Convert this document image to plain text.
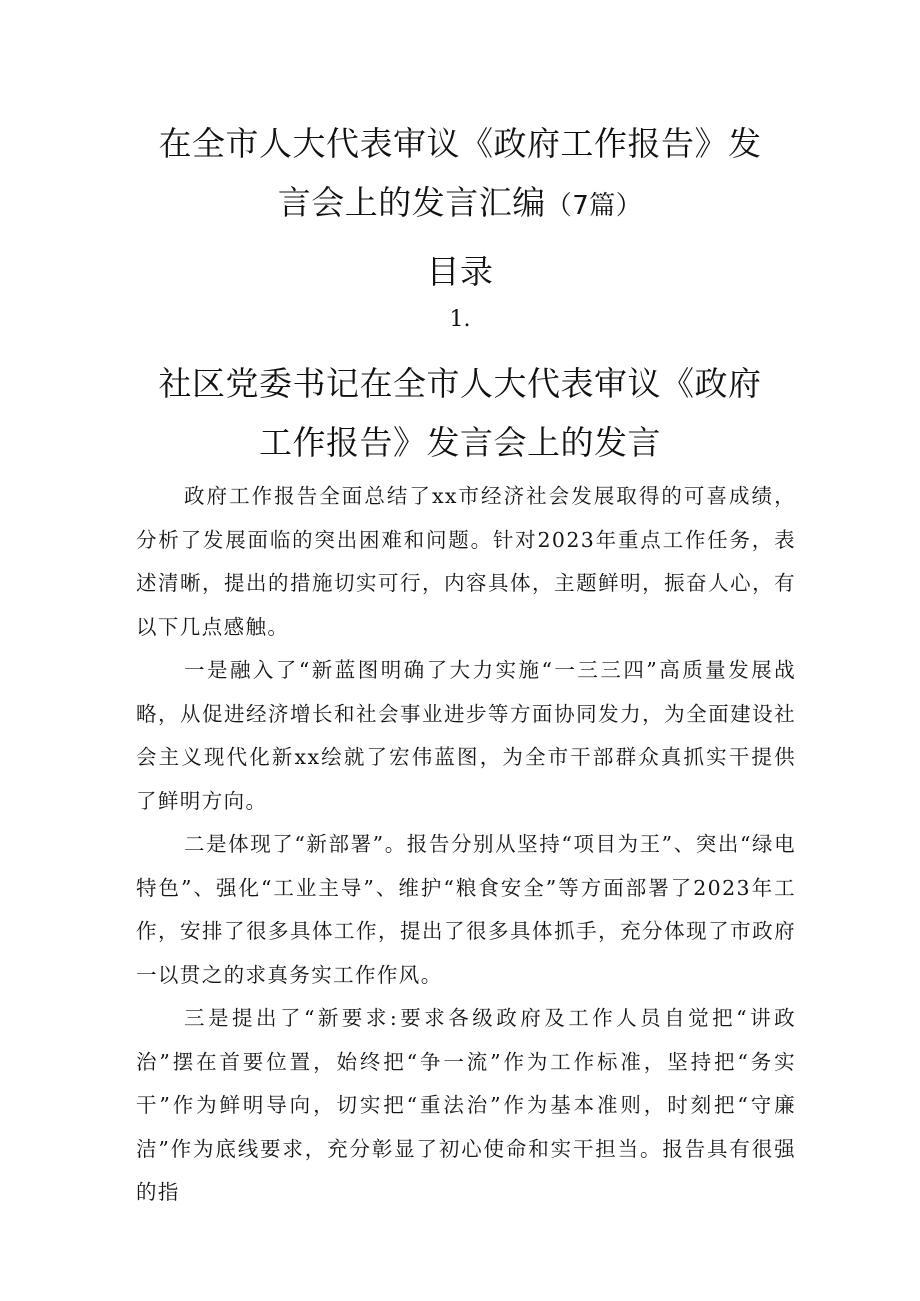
在全市人大代表审议《政府工作报告》发
言会上的发言汇编（7篇）
目录
1.
社区党委书记在全市人大代表审议《政府
工作报告》发言会上的发言

政府工作报告全面总结了xx市经济社会发展取得的可喜成绩，分析了发展面临的突出困难和问题。针对2023年重点工作任务，表述清晰，提出的措施切实可行，内容具体，主题鲜明，振奋人心，有以下几点感触。

一是融入了“新蓝图明确了大力实施“一三三四”高质量发展战略，从促进经济增长和社会事业进步等方面协同发力，为全面建设社会主义现代化新xx绘就了宏伟蓝图，为全市干部群众真抓实干提供了鲜明方向。

二是体现了“新部署”。报告分别从坚持“项目为王”、突出“绿电特色”、强化“工业主导”、维护“粮食安全”等方面部署了2023年工作，安排了很多具体工作，提出了很多具体抓手，充分体现了市政府一以贯之的求真务实工作作风。

三是提出了“新要求:要求各级政府及工作人员自觉把“讲政治”摆在首要位置，始终把“争一流”作为工作标准，坚持把“务实干”作为鲜明导向，切实把“重法治”作为基本准则，时刻把“守廉洁”作为底线要求，充分彰显了初心使命和实干担当。报告具有很强的指
